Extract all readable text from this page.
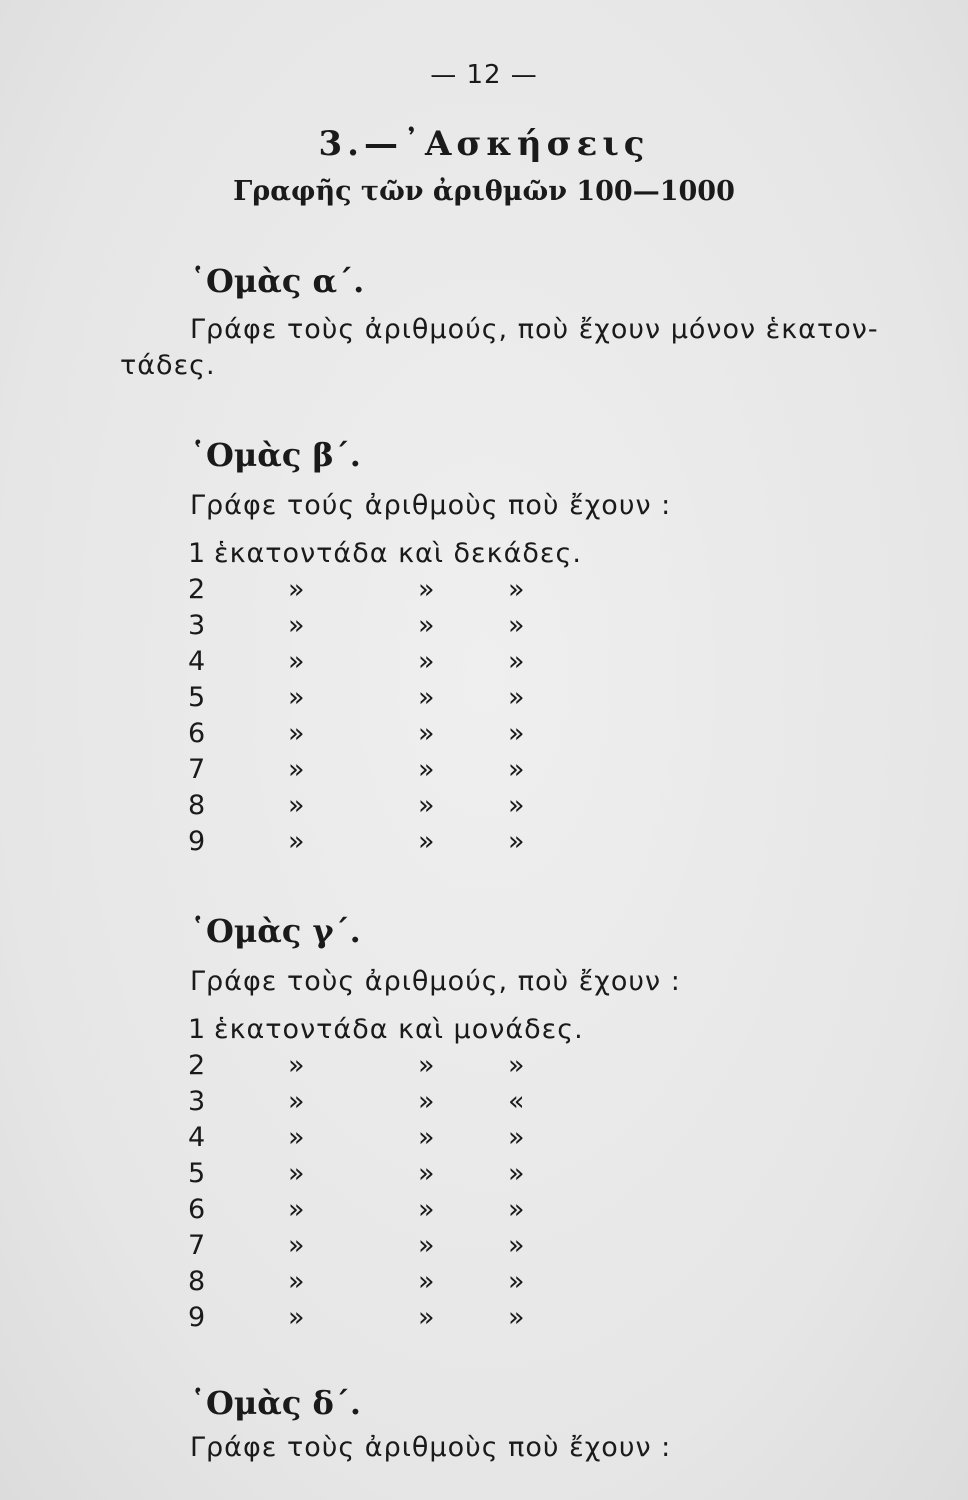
— 12 —
3.—᾿Ασκήσεις
Γραφῆς τῶν ἀριθμῶν 100—1000
῾Ομὰς α΄.
Γράφε τοὺς ἀριθμούς, ποὺ ἔχουν μόνον ἑκατον-
τάδες.
῾Ομὰς β΄.
Γράφε τούς ἀριθμοὺς ποὺ ἔχουν :
1 ἑκατοντάδα καὶ δεκάδες.
2	»	»	»
3	»	»	»
4	»	»	»
5	»	»	»
6	»	»	»
7	»	»	»
8	»	»	»
9	»	»	»
῾Ομὰς γ΄.
Γράφε τοὺς ἀριθμούς, ποὺ ἔχουν :
1 ἑκατοντάδα καὶ μονάδες.
2	»	»	»
3	»	»	«
4	»	»	»
5	»	»	»
6	»	»	»
7	»	»	»
8	»	»	»
9	»	»	»
῾Ομὰς δ΄.
Γράφε τοὺς ἀριθμοὺς ποὺ ἔχουν :
